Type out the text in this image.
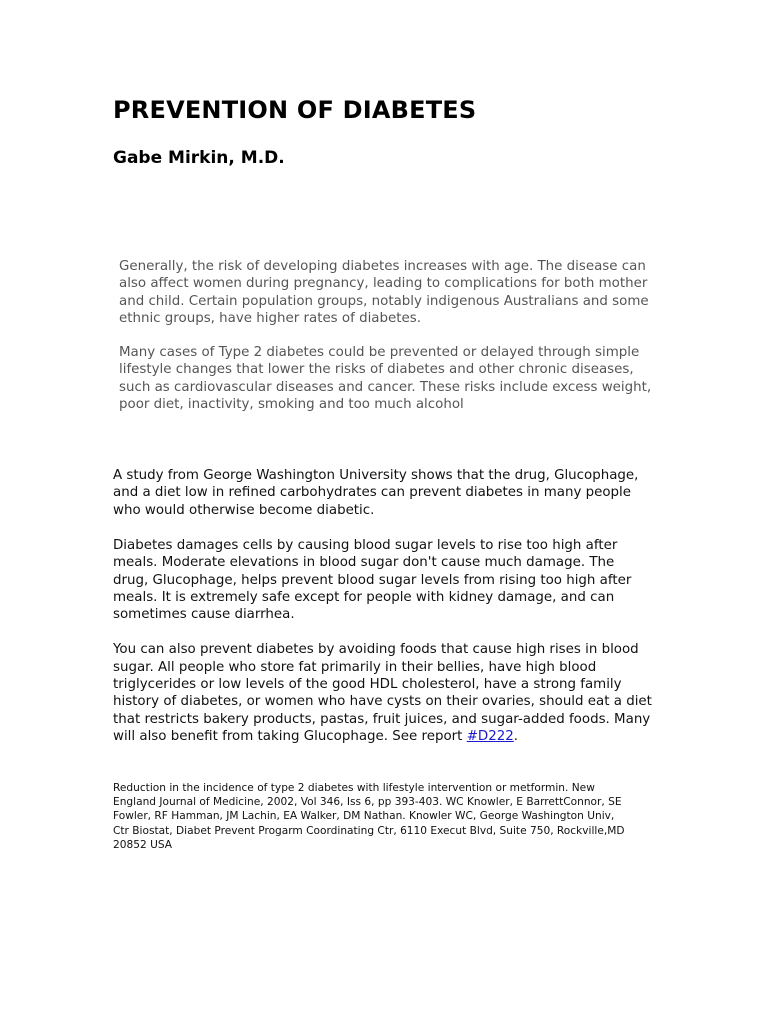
PREVENTION OF DIABETES
Gabe Mirkin, M.D.

Generally, the risk of developing diabetes increases with age. The disease can also affect women during pregnancy, leading to complications for both mother and child. Certain population groups, notably indigenous Australians and some ethnic groups, have higher rates of diabetes.

Many cases of Type 2 diabetes could be prevented or delayed through simple lifestyle changes that lower the risks of diabetes and other chronic diseases, such as cardiovascular diseases and cancer. These risks include excess weight, poor diet, inactivity, smoking and too much alcohol

A study from George Washington University shows that the drug, Glucophage, and a diet low in refined carbohydrates can prevent diabetes in many people who would otherwise become diabetic.

Diabetes damages cells by causing blood sugar levels to rise too high after meals. Moderate elevations in blood sugar don't cause much damage. The drug, Glucophage, helps prevent blood sugar levels from rising too high after meals. It is extremely safe except for people with kidney damage, and can sometimes cause diarrhea.

You can also prevent diabetes by avoiding foods that cause high rises in blood sugar. All people who store fat primarily in their bellies, have high blood triglycerides or low levels of the good HDL cholesterol, have a strong family history of diabetes, or women who have cysts on their ovaries, should eat a diet that restricts bakery products, pastas, fruit juices, and sugar-added foods. Many will also benefit from taking Glucophage. See report #D222.

Reduction in the incidence of type 2 diabetes with lifestyle intervention or metformin. New England Journal of Medicine, 2002, Vol 346, Iss 6, pp 393-403. WC Knowler, E BarrettConnor, SE Fowler, RF Hamman, JM Lachin, EA Walker, DM Nathan. Knowler WC, George Washington Univ, Ctr Biostat, Diabet Prevent Progarm Coordinating Ctr, 6110 Execut Blvd, Suite 750, Rockville,MD 20852 USA
